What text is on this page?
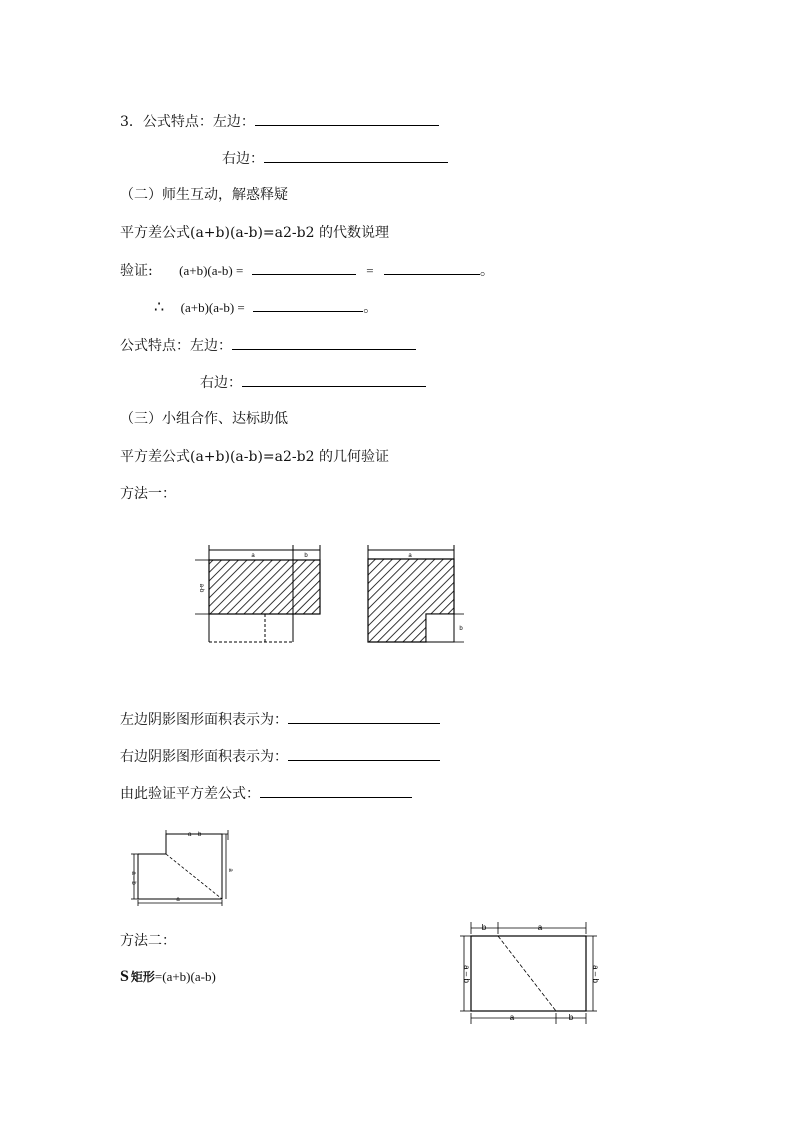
3．公式特点：左边：
右边：
（二）师生互动，解惑释疑
平方差公式(a+b)(a-b)=a2-b2 的代数说理
验证: (a+b)(a-b) =	=	。
∴ (a+b)(a-b) =	。
公式特点：左边：
右边：
（三）小组合作、达标助低
平方差公式(a+b)(a-b)=a2-b2 的几何验证
方法一：
a	b
a-b
a
b
左边阴影图形面积表示为：
右边阴影图形面积表示为：
由此验证平方差公式：
a – b
a
a – b
a
方法二：
S 矩形=(a+b)(a-b)
b	a
a – b	a – b
a	b
